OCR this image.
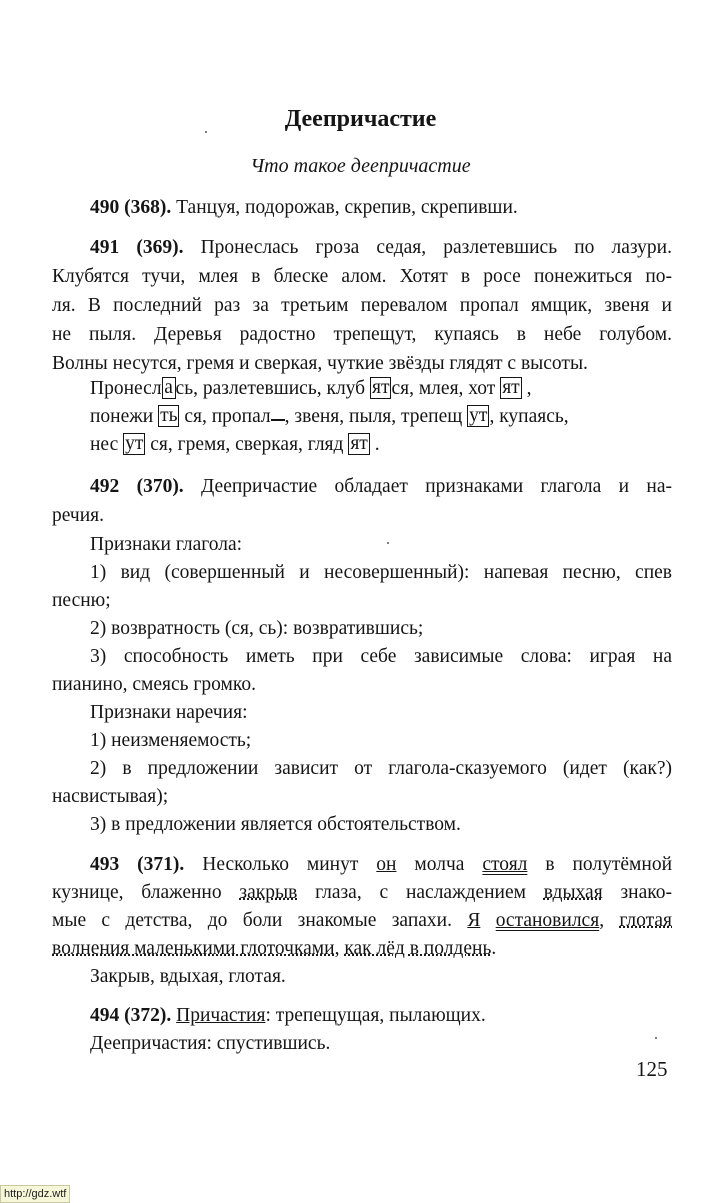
Деепричастие
Что такое деепричастие
490 (368). Танцуя, подорожав, скрепив, скрепивши.
491 (369). Пронеслась гроза седая, разлетевшись по лазури.
Клубятся тучи, млея в блеске алом. Хотят в росе понежиться по-
ля. В последний раз за третьим перевалом пропал ямщик, звеня и
не пыля. Деревья радостно трепещут, купаясь в небе голубом.
Волны несутся, гремя и сверкая, чуткие звёзды глядят с высоты.
Пронесл а сь, разлетевшись, клуб ят ся, млея, хот ят ,
понежи ть ся, пропал , звеня, пыля, трепещ ут , купаясь,
нес ут ся, гремя, сверкая, гляд ят .
492 (370). Деепричастие обладает признаками глагола и на-
речия.
Признаки глагола:
1) вид (совершенный и несовершенный): напевая песню, спев
песню;
2) возвратность (ся, сь): возвратившись;
3) способность иметь при себе зависимые слова: играя на
пианино, смеясь громко.
Признаки наречия:
1) неизменяемость;
2) в предложении зависит от глагола-сказуемого (идет (как?)
насвистывая);
3) в предложении является обстоятельством.
493 (371). Несколько минут он молча стоял в полутёмной
кузнице, блаженно закрыв глаза, с наслаждением вдыхая знако-
мые с детства, до боли знакомые запахи. Я остановился, глотая
волнения маленькими глоточками, как лёд в полдень.
Закрыв, вдыхая, глотая.
494 (372). Причастия: трепещущая, пылающих.
Деепричастия: спустившись.
125
http://gdz.wtf
